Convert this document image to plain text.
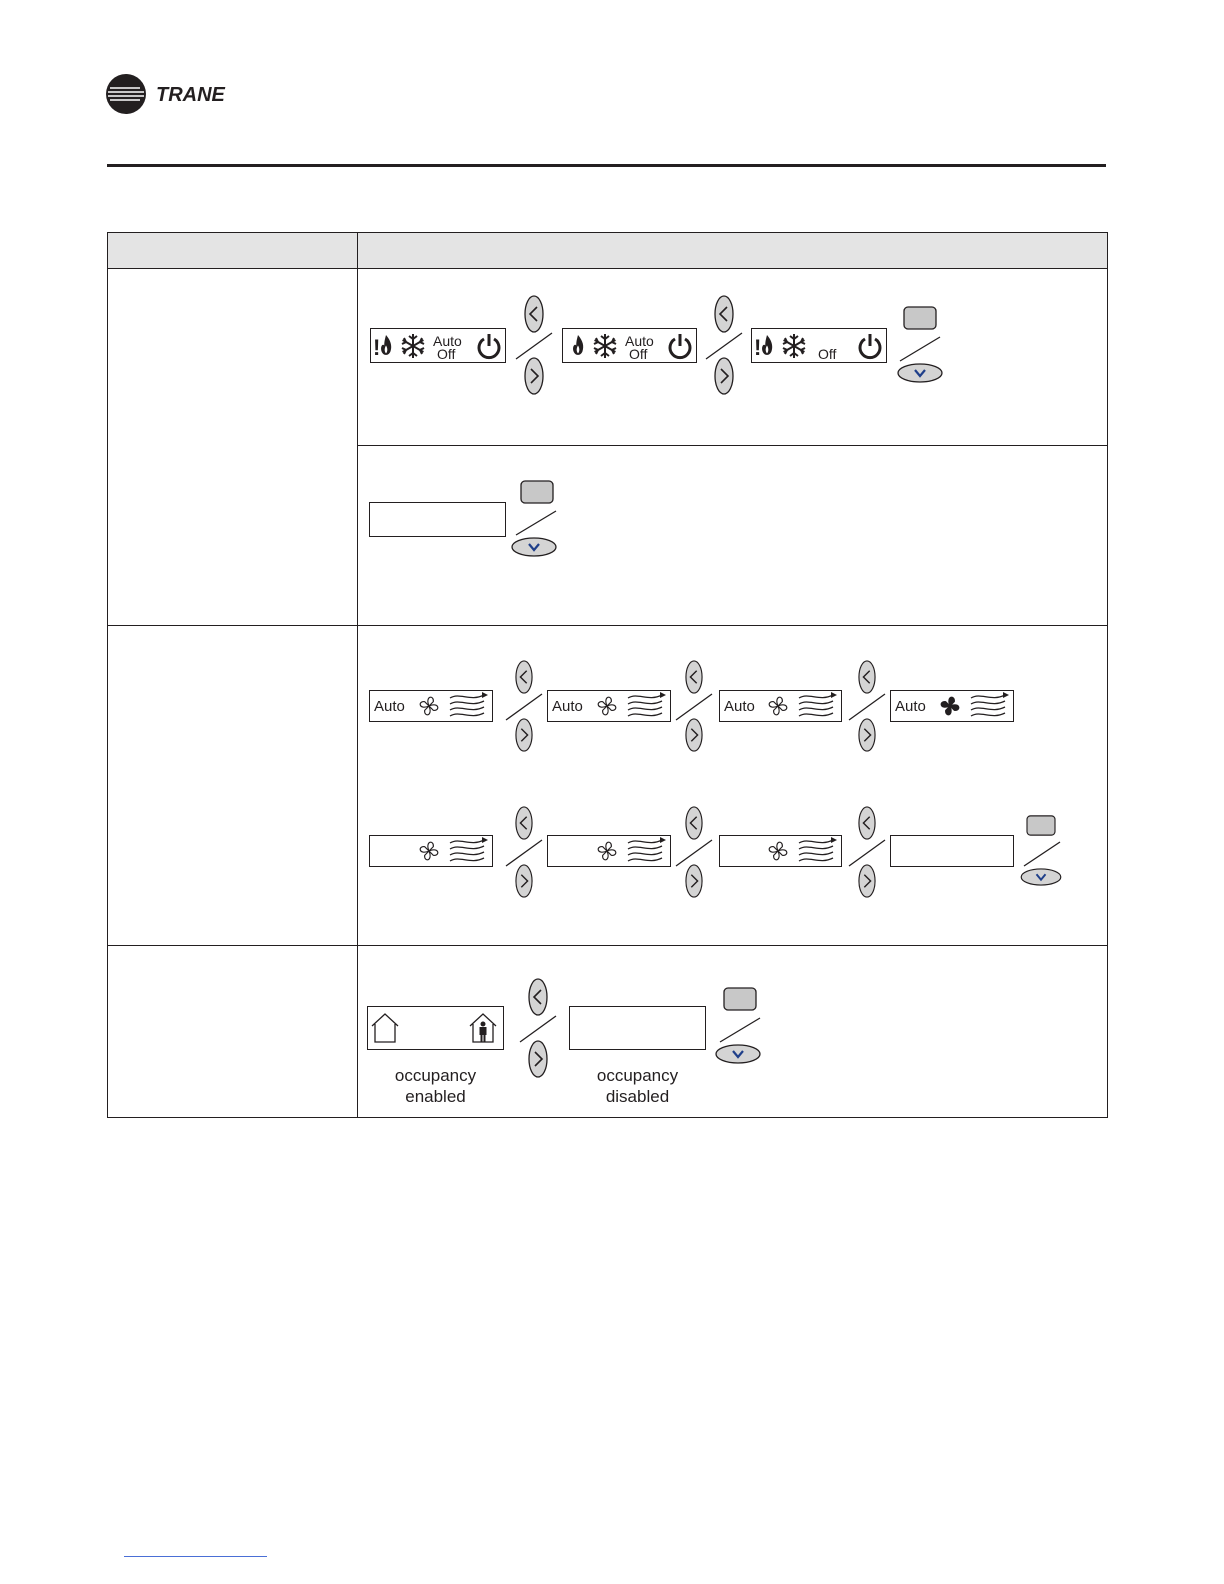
TRANE
!	Auto
Off
Auto
Off	!	Off
Auto	Auto	Auto	Auto
occupancy
enabled
occupancy
disabled
